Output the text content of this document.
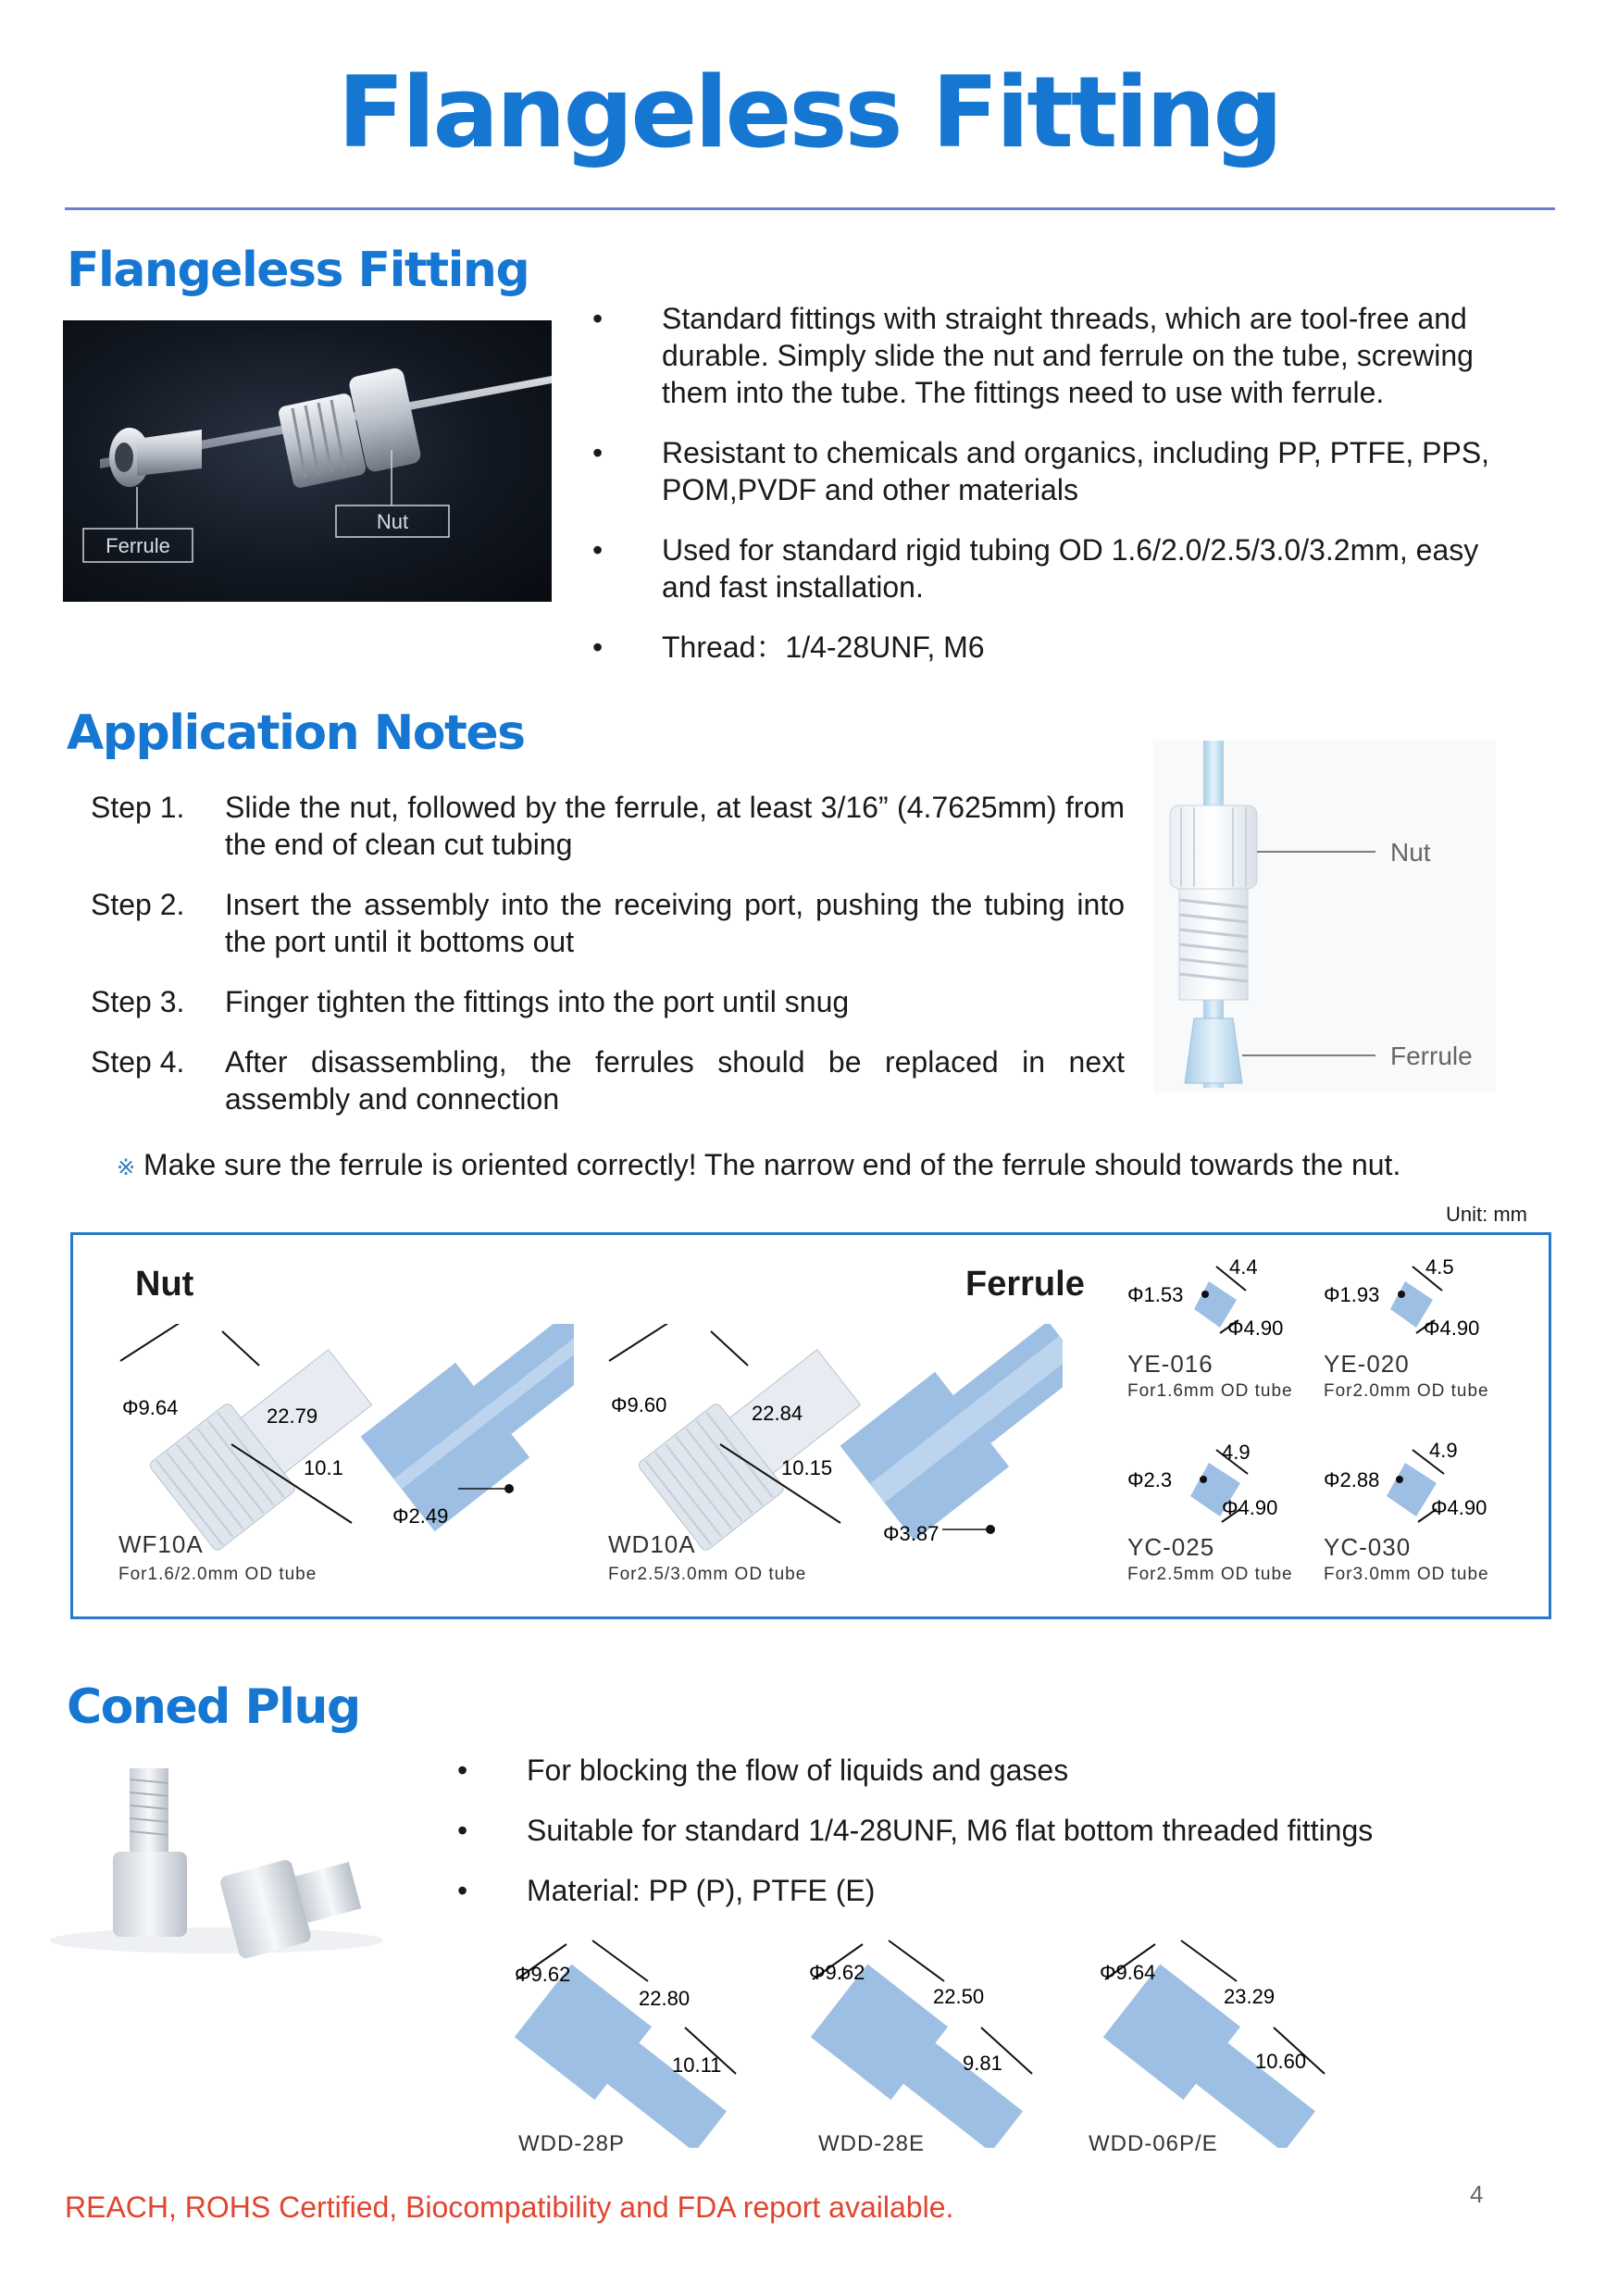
Flangeless Fitting
Flangeless Fitting
Ferrule
Nut
• Standard fittings with straight threads, which are tool-free and durable. Simply slide the nut and ferrule on the tube, screwing them into the tube. The fittings need to use with ferrule.
• Resistant to chemicals and organics, including PP, PTFE, PPS, POM,PVDF and other materials
• Used for standard rigid tubing OD 1.6/2.0/2.5/3.0/3.2mm, easy and fast installation.
• Thread：1/4-28UNF, M6
Application Notes
Step 1. Slide the nut, followed by the ferrule, at least 3/16” (4.7625mm) from the end of clean cut tubing
Step 2. Insert the assembly into the receiving port, pushing the tubing into the port until it bottoms out
Step 3. Finger tighten the fittings into the port until snug
Step 4. After disassembling, the ferrules should be replaced in next assembly and connection
※ Make sure the ferrule is oriented correctly! The narrow end of the ferrule should towards the nut.
Nut
Ferrule
Unit: mm
Nut	Ferrule
Φ9.64	22.79
10.1
Φ2.49
WF10A
For1.6/2.0mm OD tube
Φ9.60	22.84
10.15
Φ3.87
WD10A
For2.5/3.0mm OD tube
Φ1.53
4.4
Φ4.90
YE-016
For1.6mm OD tube
Φ1.93
4.5
Φ4.90
YE-020
For2.0mm OD tube
Φ2.3
4.9
Φ4.90
YC-025
For2.5mm OD tube
Φ2.88
4.9
Φ4.90
YC-030
For3.0mm OD tube
Coned Plug
• For blocking the flow of liquids and gases
• Suitable for standard 1/4-28UNF, M6 flat bottom threaded fittings
• Material: PP (P), PTFE (E)
Φ9.62
22.80
10.11
WDD-28P
Φ9.62
22.50
9.81
WDD-28E
Φ9.64
23.29
10.60
WDD-06P/E
REACH, ROHS Certified, Biocompatibility and FDA report available.	4
